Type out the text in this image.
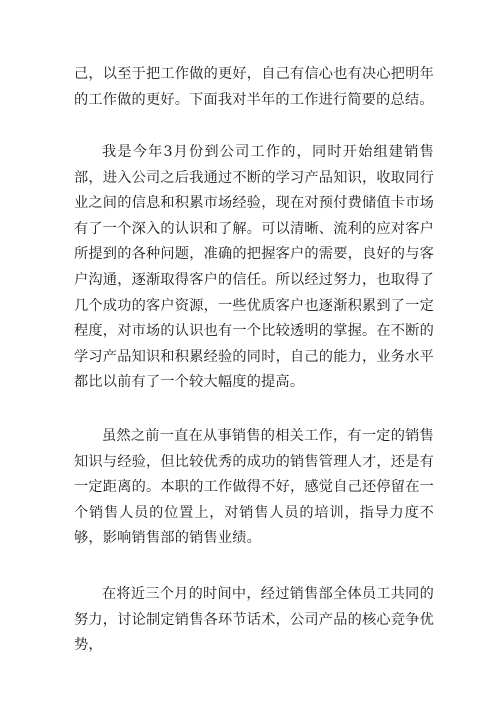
己，以至于把工作做的更好，自己有信心也有决心把明年的工作做的更好。下面我对半年的工作进行简要的总结。

我是今年3月份到公司工作的，同时开始组建销售部，进入公司之后我通过不断的学习产品知识，收取同行业之间的信息和积累市场经验，现在对预付费储值卡市场有了一个深入的认识和了解。可以清晰、流利的应对客户所提到的各种问题，准确的把握客户的需要，良好的与客户沟通，逐渐取得客户的信任。所以经过努力，也取得了几个成功的客户资源，一些优质客户也逐渐积累到了一定程度，对市场的认识也有一个比较透明的掌握。在不断的学习产品知识和积累经验的同时，自己的能力，业务水平都比以前有了一个较大幅度的提高。

虽然之前一直在从事销售的相关工作，有一定的销售知识与经验，但比较优秀的成功的销售管理人才，还是有一定距离的。本职的工作做得不好，感觉自己还停留在一个销售人员的位置上，对销售人员的培训，指导力度不够，影响销售部的销售业绩。

在将近三个月的时间中，经过销售部全体员工共同的努力，讨论制定销售各环节话术，公司产品的核心竞争优势，
